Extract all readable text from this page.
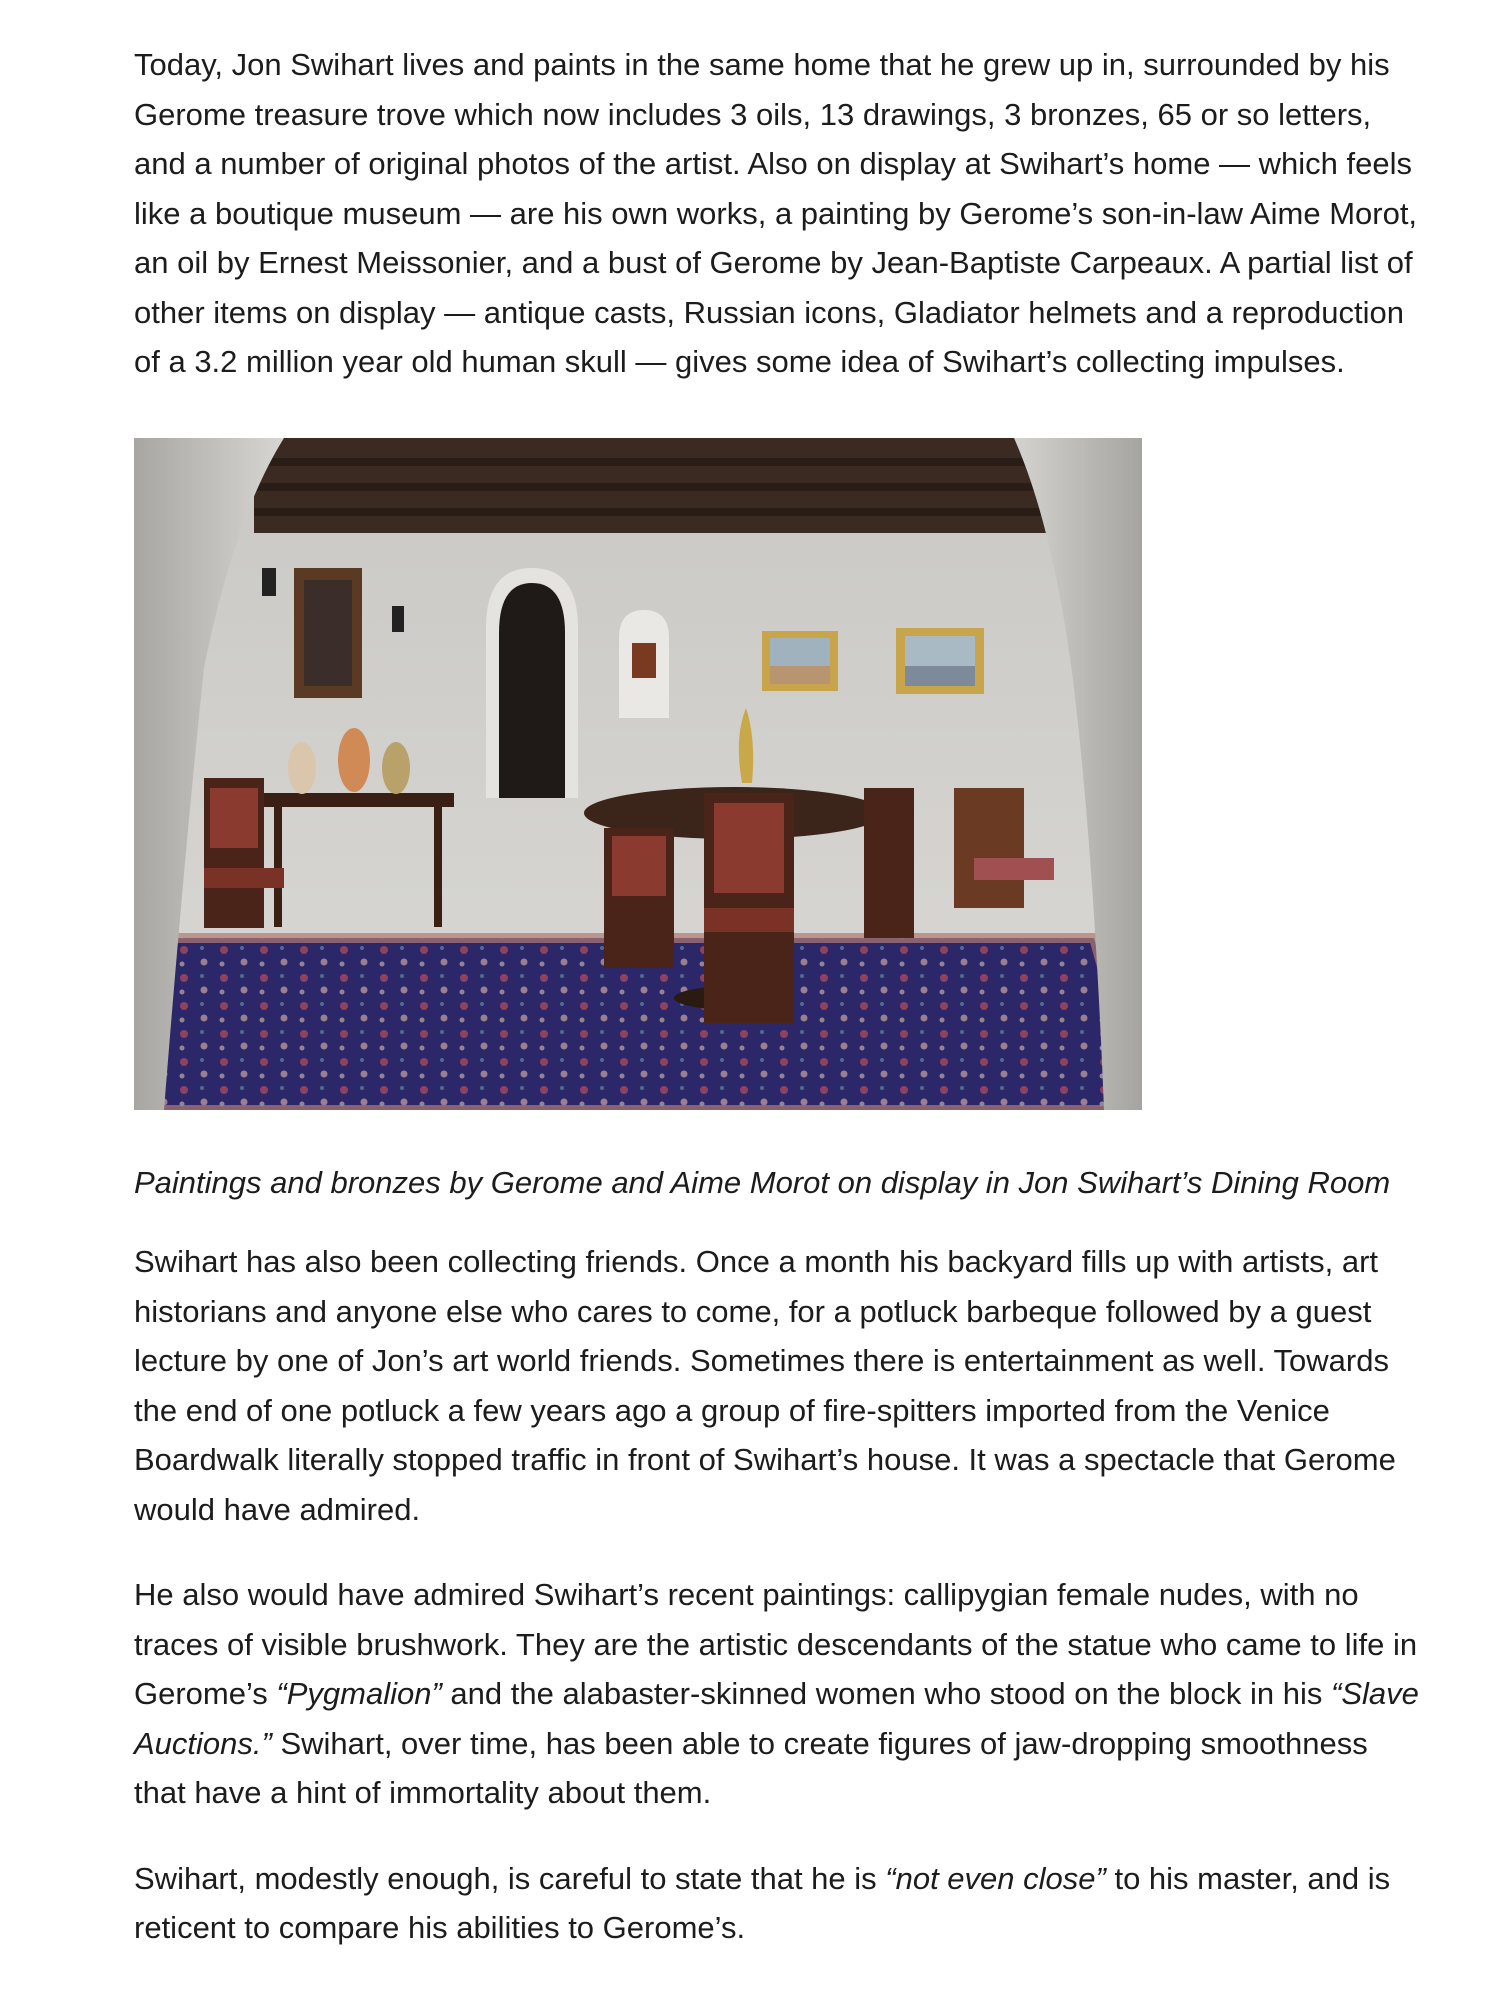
Today, Jon Swihart lives and paints in the same home that he grew up in, surrounded by his Gerome treasure trove which now includes 3 oils, 13 drawings, 3 bronzes, 65 or so letters, and a number of original photos of the artist. Also on display at Swihart’s home — which feels like a boutique museum — are his own works, a painting by Gerome’s son-in-law Aime Morot, an oil by Ernest Meissonier, and a bust of Gerome by Jean-Baptiste Carpeaux. A partial list of other items on display — antique casts, Russian icons, Gladiator helmets and a reproduction of a 3.2 million year old human skull — gives some idea of Swihart’s collecting impulses.

Paintings and bronzes by Gerome and Aime Morot on display in Jon Swihart’s Dining Room

Swihart has also been collecting friends. Once a month his backyard fills up with artists, art historians and anyone else who cares to come, for a potluck barbeque followed by a guest lecture by one of Jon’s art world friends. Sometimes there is entertainment as well. Towards the end of one potluck a few years ago a group of fire-spitters imported from the Venice Boardwalk literally stopped traffic in front of Swihart’s house. It was a spectacle that Gerome would have admired.

He also would have admired Swihart’s recent paintings: callipygian female nudes, with no traces of visible brushwork. They are the artistic descendants of the statue who came to life in Gerome’s “Pygmalion” and the alabaster-skinned women who stood on the block in his “Slave Auctions.” Swihart, over time, has been able to create figures of jaw-dropping smoothness that have a hint of immortality about them.

Swihart, modestly enough, is careful to state that he is “not even close” to his master, and is reticent to compare his abilities to Gerome’s.
